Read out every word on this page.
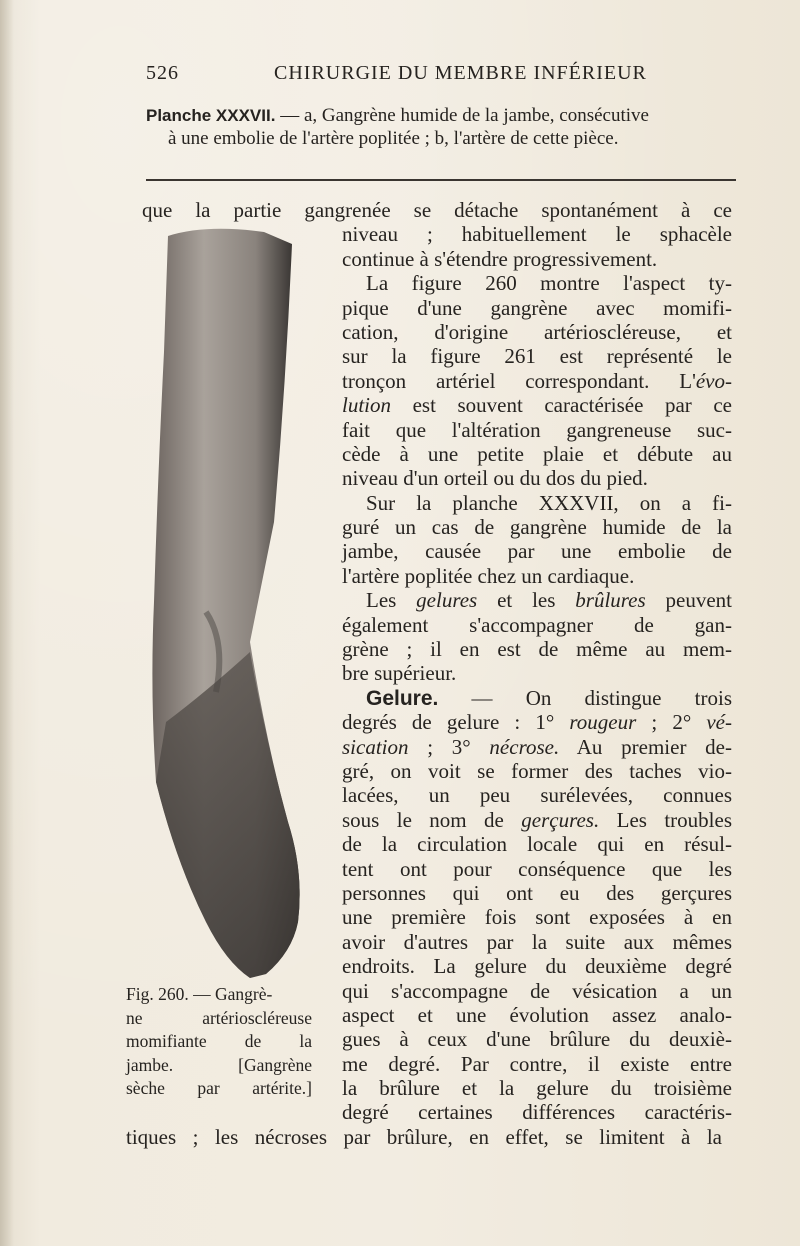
526	CHIRURGIE DU MEMBRE INFÉRIEUR
Planche XXXVII. — a, Gangrène humide de la jambe, consécutive
à une embolie de l'artère poplitée ; b, l'artère de cette pièce.
Fig. 260. — Gangrè-
ne artérioscléreuse
momifiante de la
jambe. [Gangrène
sèche par artérite.]
que la partie gangrenée se détache spontanément à ce
niveau ; habituellement le sphacèle
continue à s'étendre progressivement.
La figure 260 montre l'aspect ty-
pique d'une gangrène avec momifi-
cation, d'origine artérioscléreuse, et
sur la figure 261 est représenté le
tronçon artériel correspondant. L'évo-
lution est souvent caractérisée par ce
fait que l'altération gangreneuse suc-
cède à une petite plaie et débute au
niveau d'un orteil ou du dos du pied.
Sur la planche XXXVII, on a fi-
guré un cas de gangrène humide de la
jambe, causée par une embolie de
l'artère poplitée chez un cardiaque.
Les gelures et les brûlures peuvent
également s'accompagner de gan-
grène ; il en est de même au mem-
bre supérieur.
Gelure. — On distingue trois
degrés de gelure : 1° rougeur ; 2° vé-
sication ; 3° nécrose. Au premier de-
gré, on voit se former des taches vio-
lacées, un peu surélevées, connues
sous le nom de gerçures. Les troubles
de la circulation locale qui en résul-
tent ont pour conséquence que les
personnes qui ont eu des gerçures
une première fois sont exposées à en
avoir d'autres par la suite aux mêmes
endroits. La gelure du deuxième degré
qui s'accompagne de vésication a un
aspect et une évolution assez analo-
gues à ceux d'une brûlure du deuxiè-
me degré. Par contre, il existe entre
la brûlure et la gelure du troisième
degré certaines différences caractéris-
tiques ; les nécroses par brûlure, en effet, se limitent à la
